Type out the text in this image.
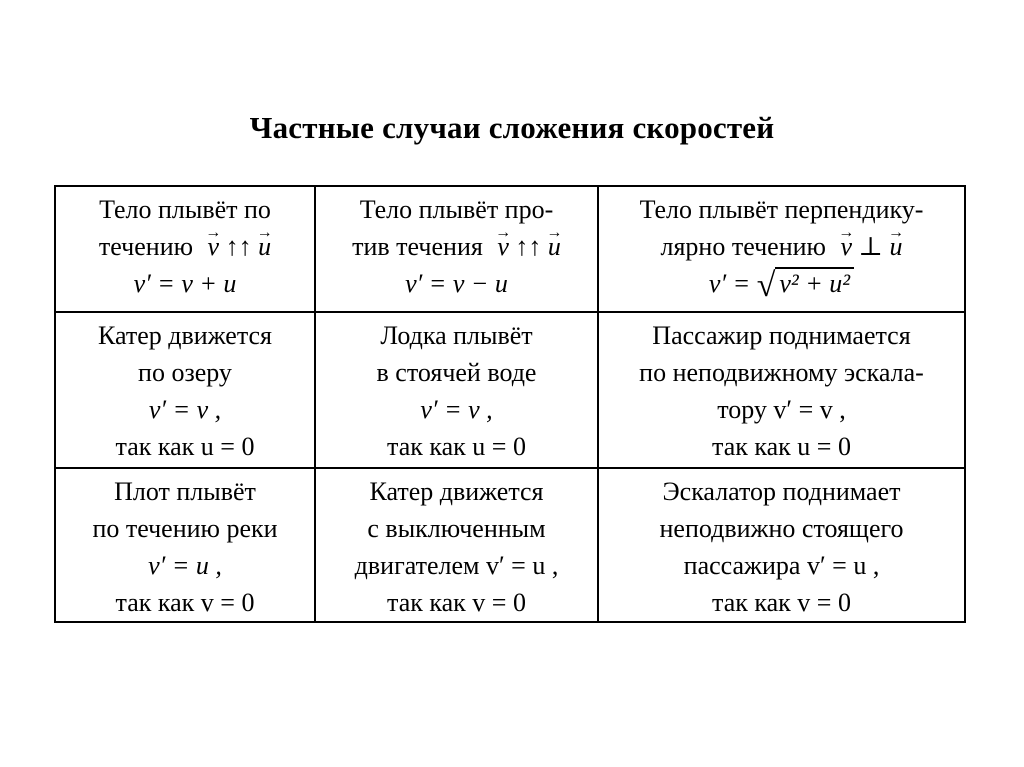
Частные случаи сложения скоростей
Тело плывёт по
течению → v ↑↑ → u
v′ = v + u
Тело плывёт про-
тив течения → v ↑↑ → u
v′ = v − u
Тело плывёт перпендику-
лярно течению → v ⊥ → u
v′ = √ v² + u²
Катер движется
по озеру
v′ = v ,
так как u = 0
Лодка плывёт
в стоячей воде
v′ = v ,
так как u = 0
Пассажир поднимается
по неподвижному эскала-
тору v′ = v ,
так как u = 0
Плот плывёт
по течению реки
v′ = u ,
так как v = 0
Катер движется
с выключенным
двигателем v′ = u ,
так как v = 0
Эскалатор поднимает
неподвижно стоящего
пассажира v′ = u ,
так как v = 0
